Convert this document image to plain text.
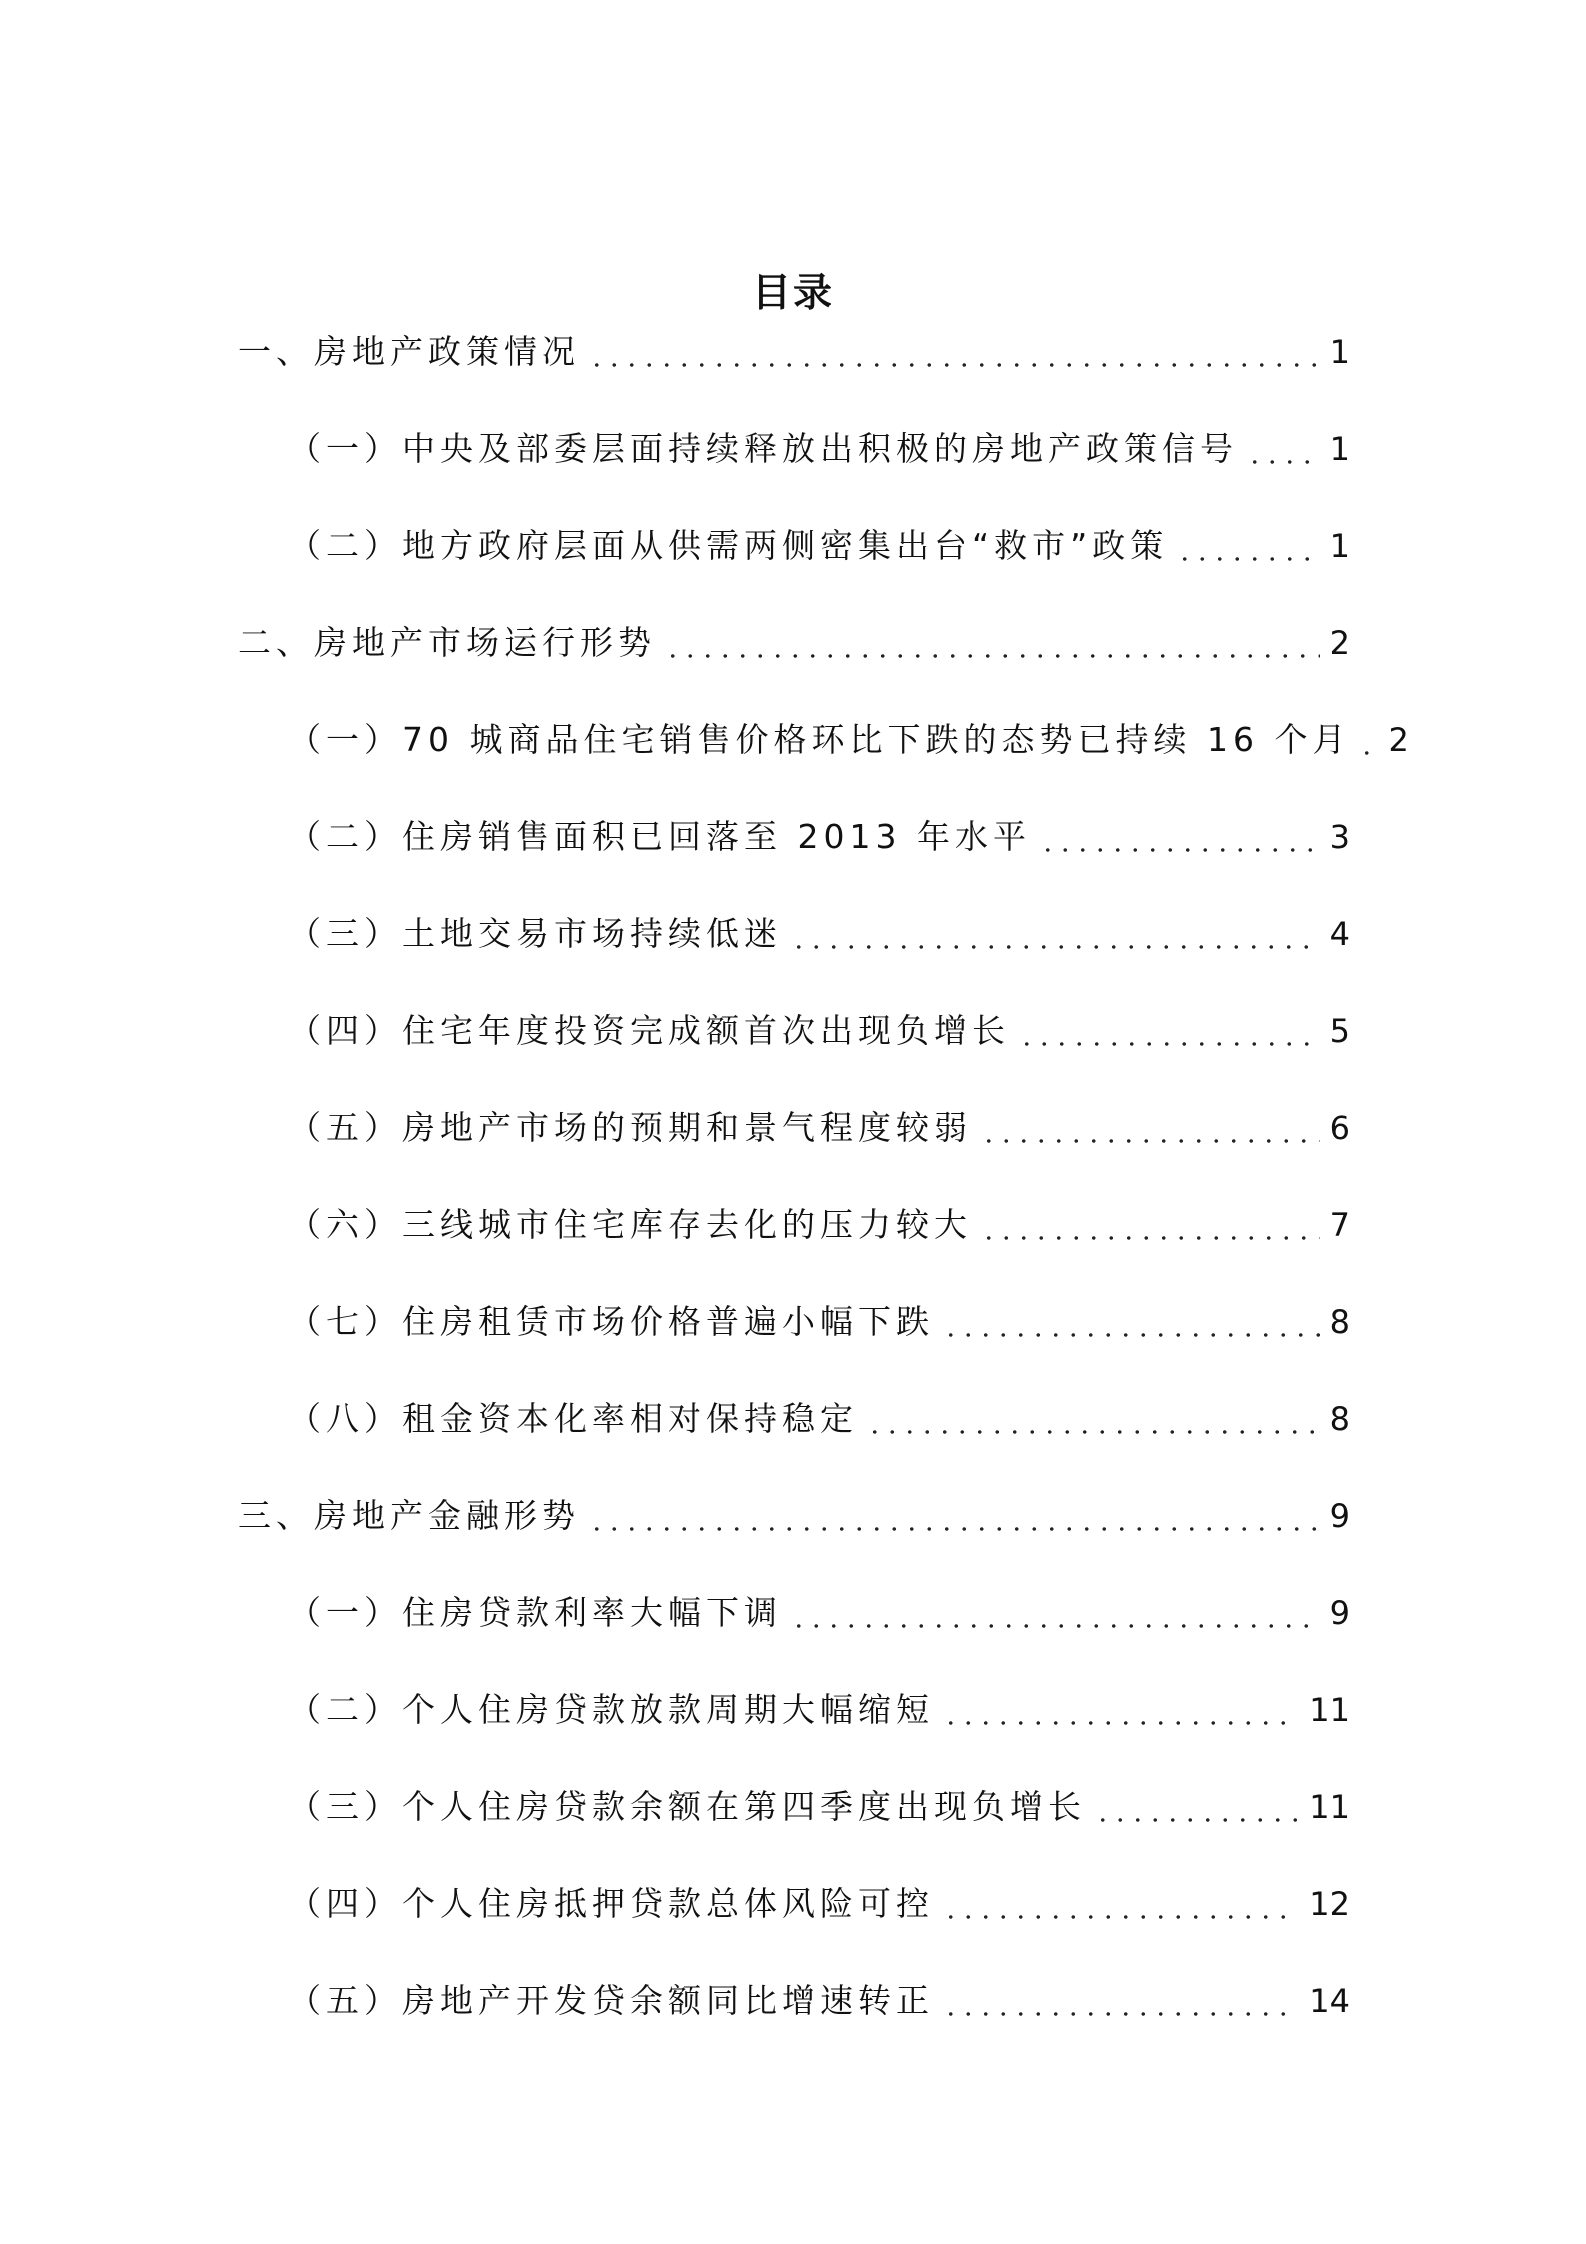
目录
一、房地产政策情况	1
（一）中央及部委层面持续释放出积极的房地产政策信号	1
（二）地方政府层面从供需两侧密集出台“救市”政策	1
二、房地产市场运行形势	2
（一）70 城商品住宅销售价格环比下跌的态势已持续 16 个月 2
（二）住房销售面积已回落至 2013 年水平	3
（三）土地交易市场持续低迷	4
（四）住宅年度投资完成额首次出现负增长	5
（五）房地产市场的预期和景气程度较弱	6
（六）三线城市住宅库存去化的压力较大	7
（七）住房租赁市场价格普遍小幅下跌	8
（八）租金资本化率相对保持稳定	8
三、房地产金融形势	9
（一）住房贷款利率大幅下调	9
（二）个人住房贷款放款周期大幅缩短	11
（三）个人住房贷款余额在第四季度出现负增长	11
（四）个人住房抵押贷款总体风险可控	12
（五）房地产开发贷余额同比增速转正	14
